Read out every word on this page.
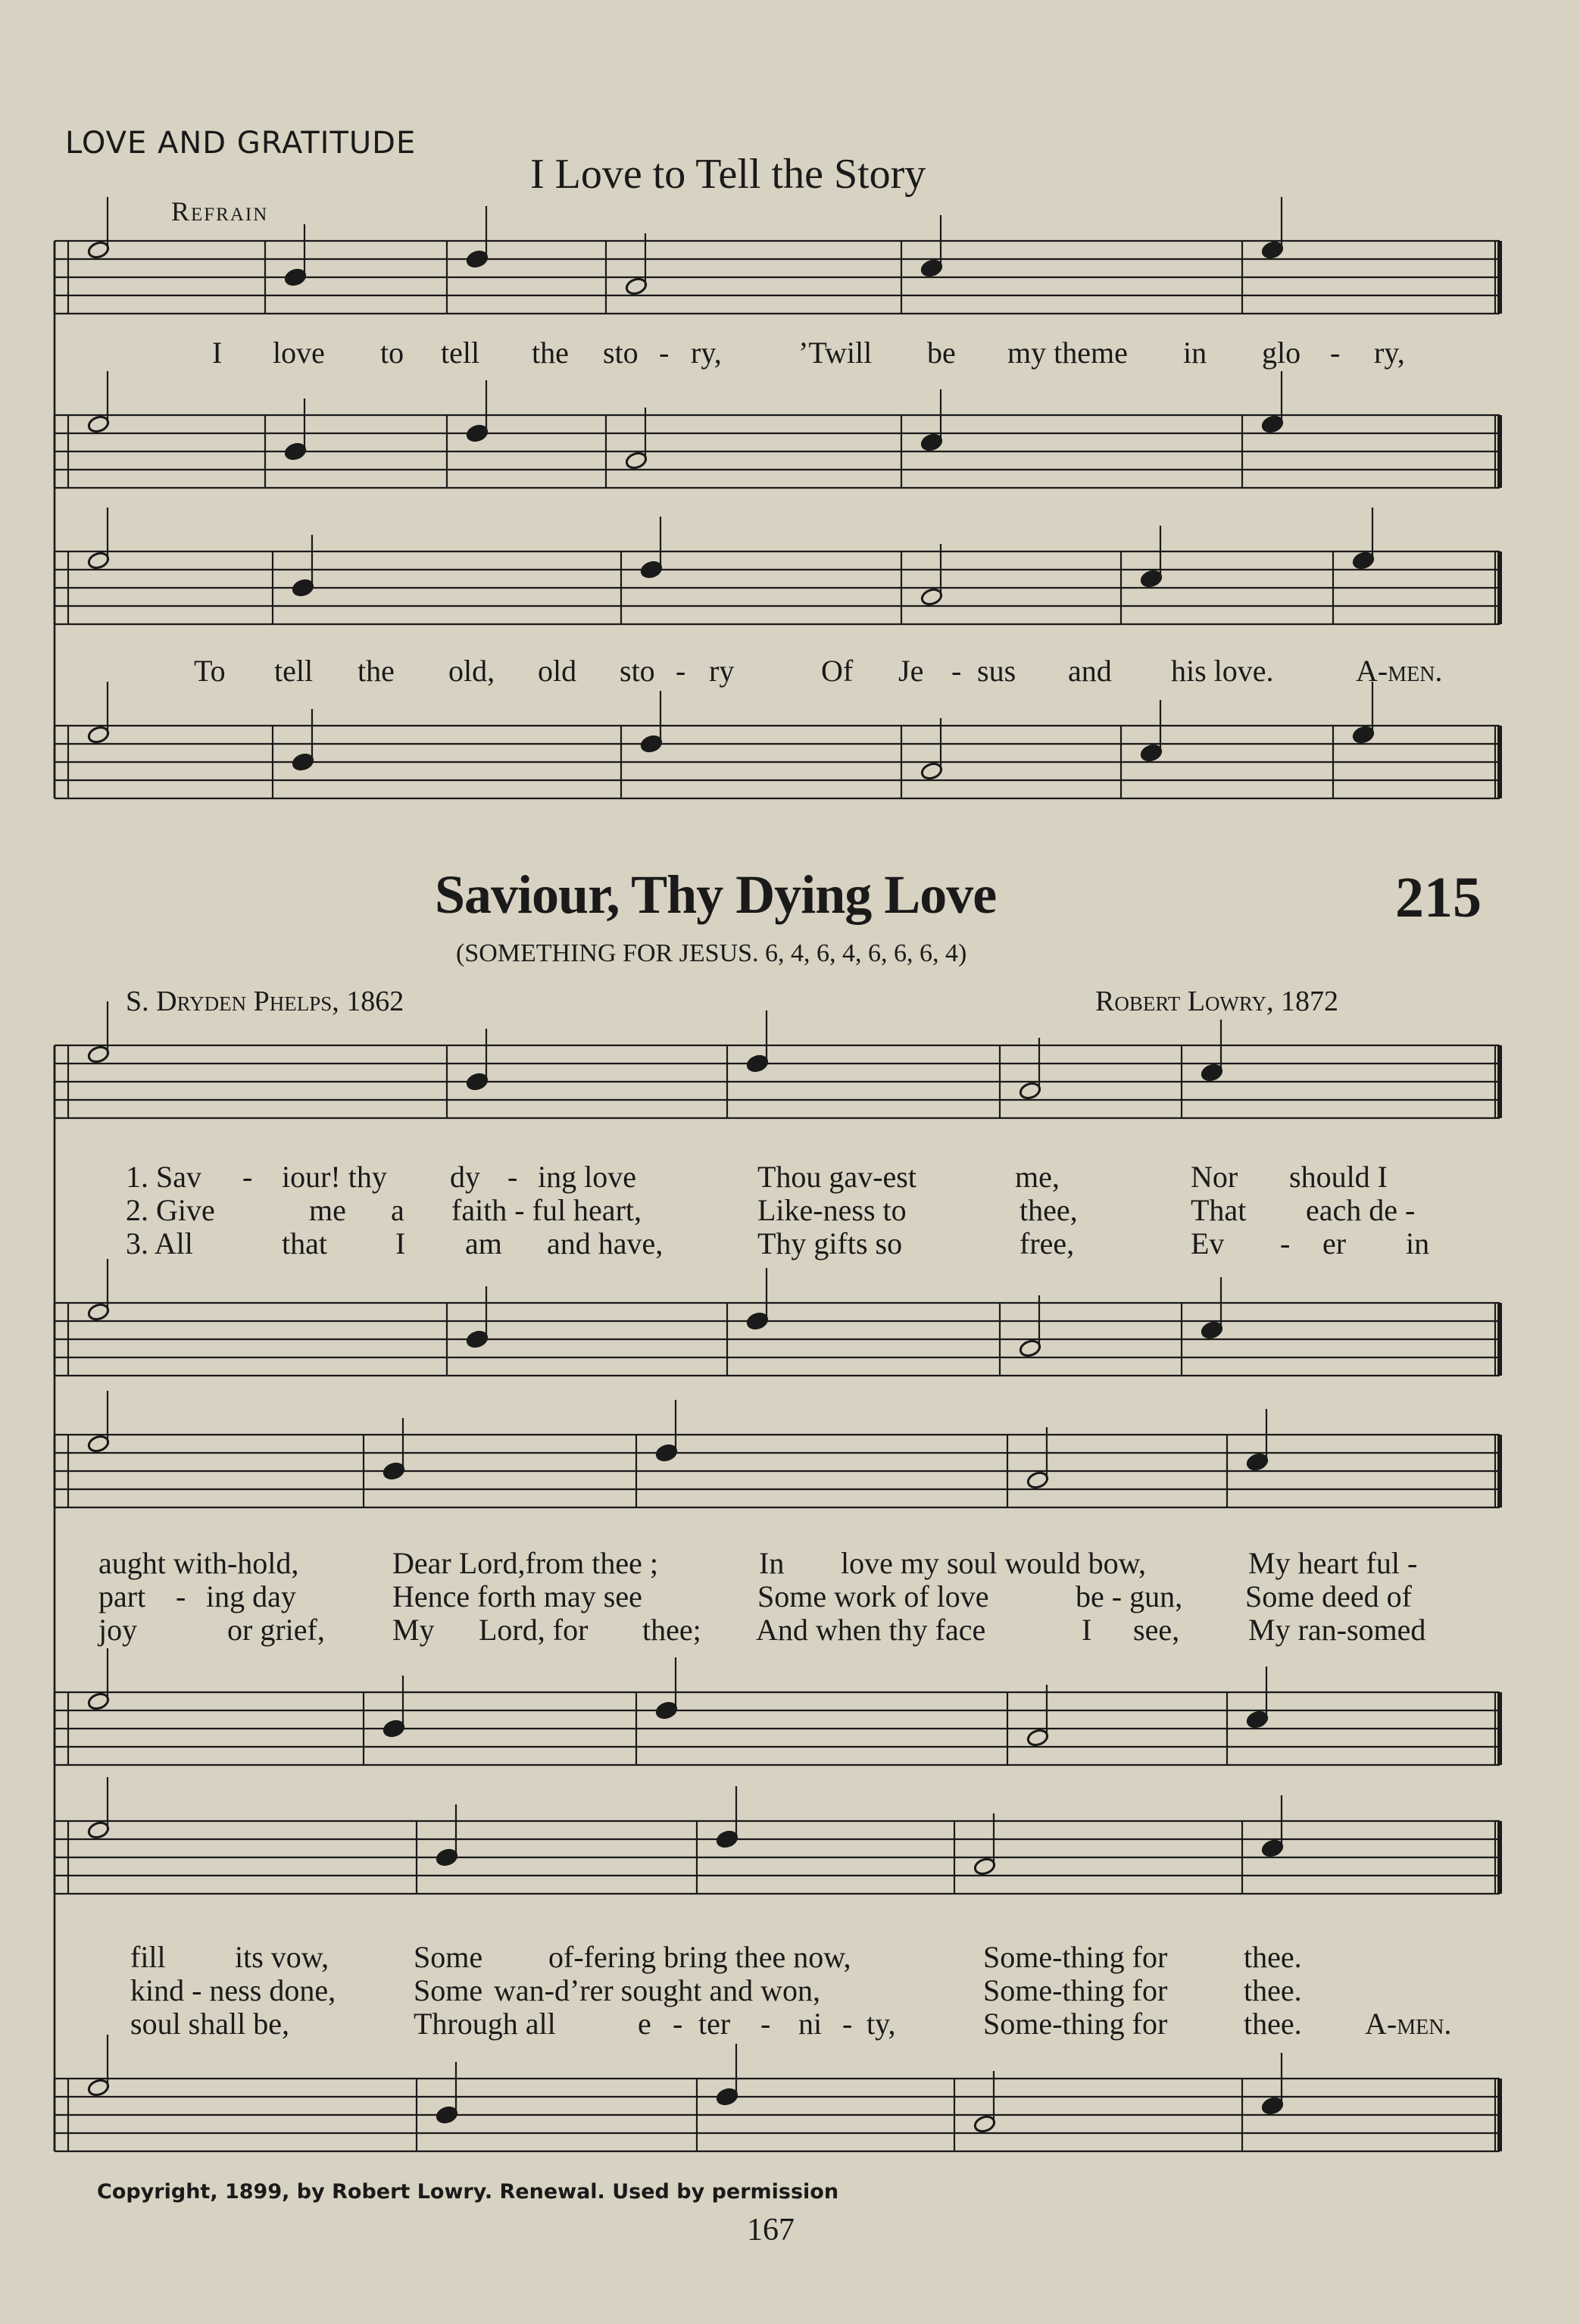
LOVE AND GRATITUDE
I Love to Tell the Story
Refrain
I love to tell the sto - ry,	’Twill be my theme in glo - ry,
To tell the old, old sto - ry	Of Je - sus and his love.	A-men.
Saviour, Thy Dying Love	215
(SOMETHING FOR JESUS. 6, 4, 6, 4, 6, 6, 6, 4)
S. Dryden Phelps, 1862	Robert Lowry, 1872
1. Sav - iour! thy dy - ing love	Thou gav-est	me,	Nor should I
2. Give	me a faith - ful heart,	Like-ness to	thee,	That each de -
3. All	that I am and have,	Thy gifts so	free,	Ev - er in
aught with-hold,	Dear Lord,from thee ;	In love my soul would bow,	My heart ful -
part - ing day	Hence forth may see	Some work of love	be - gun, Some deed of
joy	or grief, My Lord, for thee; And when thy face	I see, My ran-somed
fill its vow,	Some of-fering bring thee now,	Some-thing for	thee.
kind - ness done,	Some wan-d’rer sought and won,	Some-thing for	thee.
soul shall be,	Through all	e - ter - ni - ty,	Some-thing for	thee. A-men.
Copyright, 1899, by Robert Lowry. Renewal. Used by permission
167
